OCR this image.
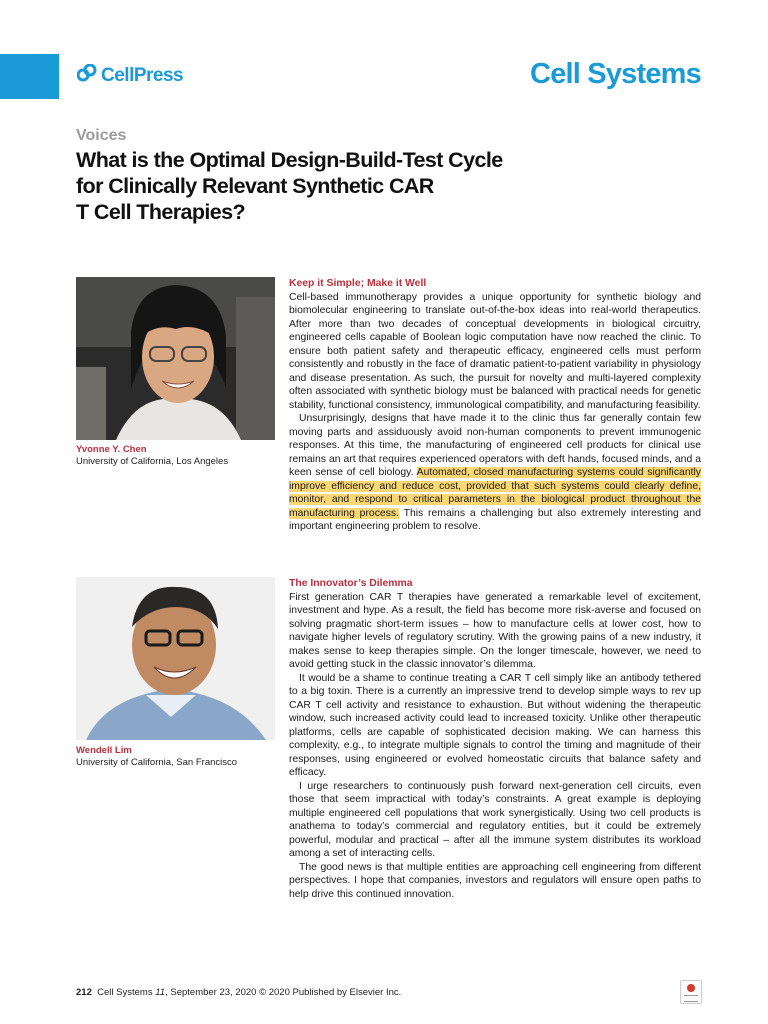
CellPress	Cell Systems
Voices
What is the Optimal Design-Build-Test Cycle
for Clinically Relevant Synthetic CAR
T Cell Therapies?
Yvonne Y. Chen
University of California, Los Angeles
Wendell Lim
University of California, San Francisco
Keep it Simple; Make it Well

Cell-based immunotherapy provides a unique opportunity for synthetic biology and biomolecular engineering to translate out-of-the-box ideas into real-world therapeutics. After more than two decades of conceptual developments in biological circuitry, engineered cells capable of Boolean logic computation have now reached the clinic. To ensure both patient safety and therapeutic efficacy, engineered cells must perform consistently and robustly in the face of dramatic patient-to-patient variability in physiology and disease presentation. As such, the pursuit for novelty and multi-layered complexity often associated with synthetic biology must be balanced with practical needs for genetic stability, functional consistency, immunological compatibility, and manufacturing feasibility.

Unsurprisingly, designs that have made it to the clinic thus far generally contain few moving parts and assiduously avoid non-human components to prevent immunogenic responses. At this time, the manufacturing of engineered cell products for clinical use remains an art that requires experienced operators with deft hands, focused minds, and a keen sense of cell biology. Automated, closed manufacturing systems could significantly improve efficiency and reduce cost, provided that such systems could clearly define, monitor, and respond to critical parameters in the biological product throughout the manufacturing process. This remains a challenging but also extremely interesting and important engineering problem to resolve.

The Innovator’s Dilemma

First generation CAR T therapies have generated a remarkable level of excitement, investment and hype. As a result, the field has become more risk-averse and focused on solving pragmatic short-term issues – how to manufacture cells at lower cost, how to navigate higher levels of regulatory scrutiny. With the growing pains of a new industry, it makes sense to keep therapies simple. On the longer timescale, however, we need to avoid getting stuck in the classic innovator’s dilemma.

It would be a shame to continue treating a CAR T cell simply like an antibody tethered to a big toxin. There is a currently an impressive trend to develop simple ways to rev up CAR T cell activity and resistance to exhaustion. But without widening the therapeutic window, such increased activity could lead to increased toxicity. Unlike other therapeutic platforms, cells are capable of sophisticated decision making. We can harness this complexity, e.g., to integrate multiple signals to control the timing and magnitude of their responses, using engineered or evolved homeostatic circuits that balance safety and efficacy.

I urge researchers to continuously push forward next-generation cell circuits, even those that seem impractical with today’s constraints. A great example is deploying multiple engineered cell populations that work synergistically. Using two cell products is anathema to today’s commercial and regulatory entities, but it could be extremely powerful, modular and practical – after all the immune system distributes its workload among a set of interacting cells.

The good news is that multiple entities are approaching cell engineering from different perspectives. I hope that companies, investors and regulators will ensure open paths to help drive this continued innovation.

212 Cell Systems 11, September 23, 2020 © 2020 Published by Elsevier Inc.
